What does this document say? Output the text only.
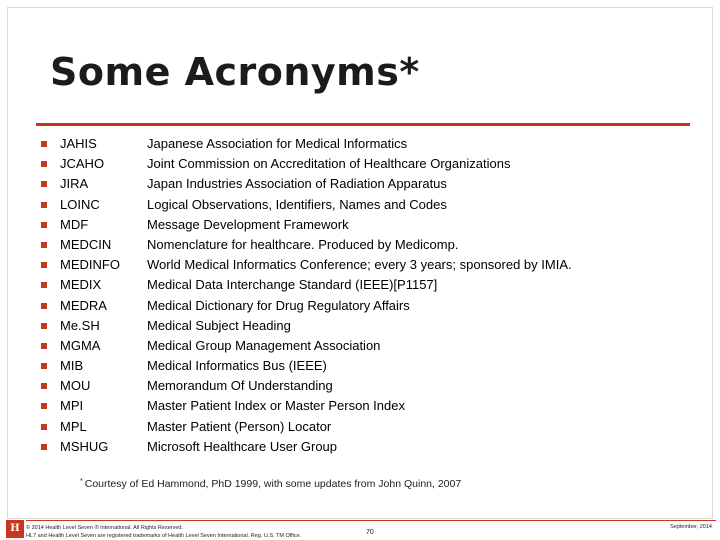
Some Acronyms*
JAHIS	Japanese Association for Medical Informatics
JCAHO	Joint Commission on Accreditation of Healthcare Organizations
JIRA	Japan Industries Association of Radiation Apparatus
LOINC	Logical Observations, Identifiers, Names and Codes
MDF	Message Development Framework
MEDCIN	Nomenclature for healthcare. Produced by Medicomp.
MEDINFO World Medical Informatics Conference; every 3 years; sponsored by IMIA.
MEDIX	Medical Data Interchange Standard (IEEE)[P1157]
MEDRA	Medical Dictionary for Drug Regulatory Affairs
Me.SH	Medical Subject Heading
MGMA	Medical Group Management Association
MIB	Medical Informatics Bus (IEEE)
MOU	Memorandum Of Understanding
MPI	Master Patient Index or Master Person Index
MPL	Master Patient (Person) Locator
MSHUG	Microsoft Healthcare User Group
* Courtesy of Ed Hammond, PhD 1999, with some updates from John Quinn, 2007
H	© 2014 Health Level Seven ® International. All Rights Reserved.
HL7 and Health Level Seven are registered trademarks of Health Level Seven International. Reg. U.S. TM Office.	70
September, 2014
